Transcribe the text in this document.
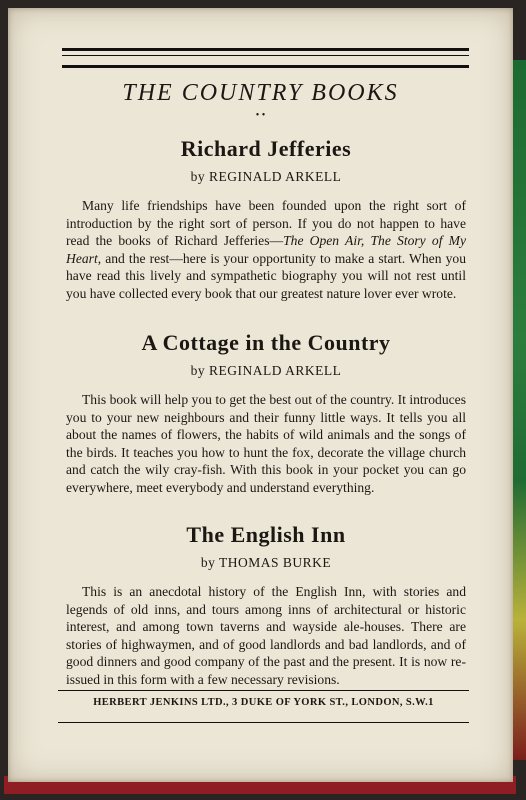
THE COUNTRY BOOKS
• •
Richard Jefferies
by REGINALD ARKELL
Many life friendships have been founded upon the right sort of introduction by the right sort of person. If you do not happen to have read the books of Richard Jefferies—The Open Air, The Story of My Heart, and the rest—here is your opportunity to make a start. When you have read this lively and sympathetic biography you will not rest until you have collected every book that our greatest nature lover ever wrote.
A Cottage in the Country
by REGINALD ARKELL
This book will help you to get the best out of the country. It introduces you to your new neighbours and their funny little ways. It tells you all about the names of flowers, the habits of wild animals and the songs of the birds. It teaches you how to hunt the fox, decorate the village church and catch the wily cray-fish. With this book in your pocket you can go everywhere, meet everybody and understand everything.
The English Inn
by THOMAS BURKE
This is an anecdotal history of the English Inn, with stories and legends of old inns, and tours among inns of architectural or historic interest, and among town taverns and wayside ale-houses. There are stories of highwaymen, and of good landlords and bad landlords, and of good dinners and good company of the past and the present. It is now re-issued in this form with a few necessary revisions.
HERBERT JENKINS LTD., 3 DUKE OF YORK ST., LONDON, S.W.1
